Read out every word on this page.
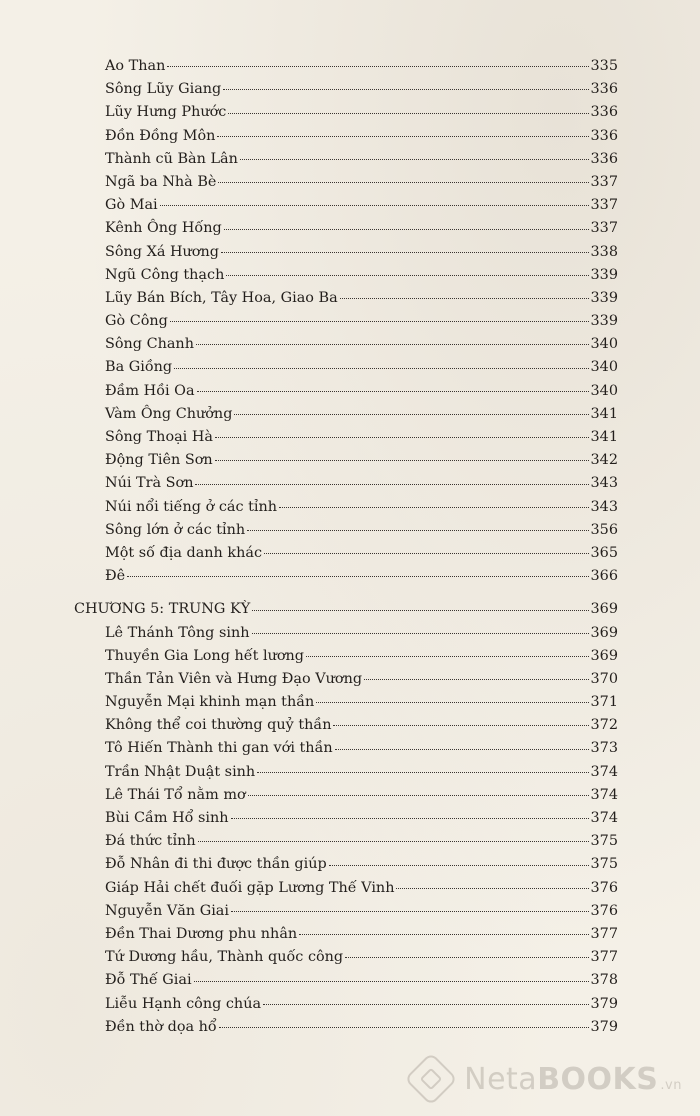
Ao Than	335
Sông Lũy Giang	336
Lũy Hưng Phước	336
Đồn Đồng Môn	336
Thành cũ Bàn Lân	336
Ngã ba Nhà Bè	337
Gò Mai	337
Kênh Ông Hống	337
Sông Xá Hương	338
Ngũ Công thạch	339
Lũy Bán Bích, Tây Hoa, Giao Ba	339
Gò Công	339
Sông Chanh	340
Ba Giồng	340
Đầm Hồi Oa	340
Vàm Ông Chưởng	341
Sông Thoại Hà	341
Động Tiên Sơn	342
Núi Trà Sơn	343
Núi nổi tiếng ở các tỉnh	343
Sông lớn ở các tỉnh	356
Một số địa danh khác	365
Đê	366
CHƯƠNG 5: TRUNG KỲ	369
Lê Thánh Tông sinh	369
Thuyền Gia Long hết lương	369
Thần Tản Viên và Hưng Đạo Vương	370
Nguyễn Mại khinh mạn thần	371
Không thể coi thường quỷ thần	372
Tô Hiến Thành thi gan với thần	373
Trần Nhật Duật sinh	374
Lê Thái Tổ nằm mơ	374
Bùi Cầm Hổ sinh	374
Đá thức tỉnh	375
Đỗ Nhân đi thi được thần giúp	375
Giáp Hải chết đuối gặp Lương Thế Vinh	376
Nguyễn Văn Giai	376
Đền Thai Dương phu nhân	377
Tứ Dương hầu, Thành quốc công	377
Đỗ Thế Giai	378
Liễu Hạnh công chúa	379
Đền thờ dọa hổ	379
NetaBOOKS .vn
